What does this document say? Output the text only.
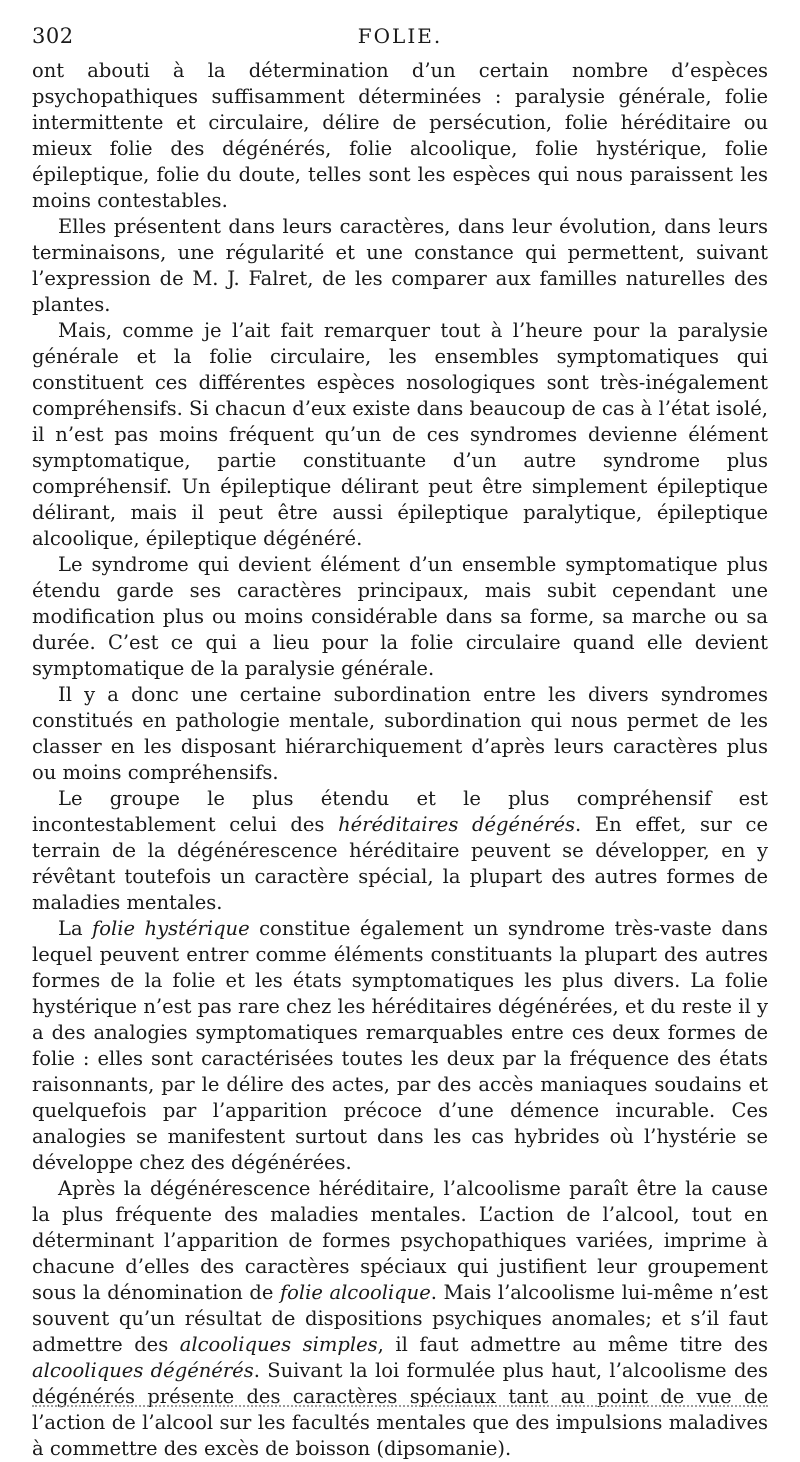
302	FOLIE.

ont abouti à la détermination d’un certain nombre d’espèces psychopathiques suffisamment déterminées : paralysie générale, folie intermittente et circulaire, délire de persécution, folie héréditaire ou mieux folie des dégénérés, folie alcoolique, folie hystérique, folie épileptique, folie du doute, telles sont les espèces qui nous paraissent les moins contestables.

Elles présentent dans leurs caractères, dans leur évolution, dans leurs terminaisons, une régularité et une constance qui permettent, suivant l’expression de M. J. Falret, de les comparer aux familles naturelles des plantes.

Mais, comme je l’ait fait remarquer tout à l’heure pour la paralysie générale et la folie circulaire, les ensembles symptomatiques qui constituent ces différentes espèces nosologiques sont très-inégalement compréhensifs. Si chacun d’eux existe dans beaucoup de cas à l’état isolé, il n’est pas moins fréquent qu’un de ces syndromes devienne élément symptomatique, partie constituante d’un autre syndrome plus compréhensif. Un épileptique délirant peut être simplement épileptique délirant, mais il peut être aussi épileptique paralytique, épileptique alcoolique, épileptique dégénéré.

Le syndrome qui devient élément d’un ensemble symptomatique plus étendu garde ses caractères principaux, mais subit cependant une modification plus ou moins considérable dans sa forme, sa marche ou sa durée. C’est ce qui a lieu pour la folie circulaire quand elle devient symptomatique de la paralysie générale.

Il y a donc une certaine subordination entre les divers syndromes constitués en pathologie mentale, subordination qui nous permet de les classer en les disposant hiérarchiquement d’après leurs caractères plus ou moins compréhensifs.

Le groupe le plus étendu et le plus compréhensif est incontestablement celui des héréditaires dégénérés. En effet, sur ce terrain de la dégénérescence héréditaire peuvent se développer, en y révêtant toutefois un caractère spécial, la plupart des autres formes de maladies mentales.

La folie hystérique constitue également un syndrome très-vaste dans lequel peuvent entrer comme éléments constituants la plupart des autres formes de la folie et les états symptomatiques les plus divers. La folie hystérique n’est pas rare chez les héréditaires dégénérées, et du reste il y a des analogies symptomatiques remarquables entre ces deux formes de folie : elles sont caractérisées toutes les deux par la fréquence des états raisonnants, par le délire des actes, par des accès maniaques soudains et quelquefois par l’apparition précoce d’une démence incurable. Ces analogies se manifestent surtout dans les cas hybrides où l’hystérie se développe chez des dégénérées.

Après la dégénérescence héréditaire, l’alcoolisme paraît être la cause la plus fréquente des maladies mentales. L’action de l’alcool, tout en déterminant l’apparition de formes psychopathiques variées, imprime à chacune d’elles des caractères spéciaux qui justifient leur groupement sous la dénomination de folie alcoolique. Mais l’alcoolisme lui-même n’est souvent qu’un résultat de dispositions psychiques anomales; et s’il faut admettre des alcooliques simples, il faut admettre au même titre des alcooliques dégénérés. Suivant la loi formulée plus haut, l’alcoolisme des dégénérés présente des caractères spéciaux tant au point de vue de l’action de l’alcool sur les facultés mentales que des impulsions maladives à commettre des excès de boisson (dipsomanie).
